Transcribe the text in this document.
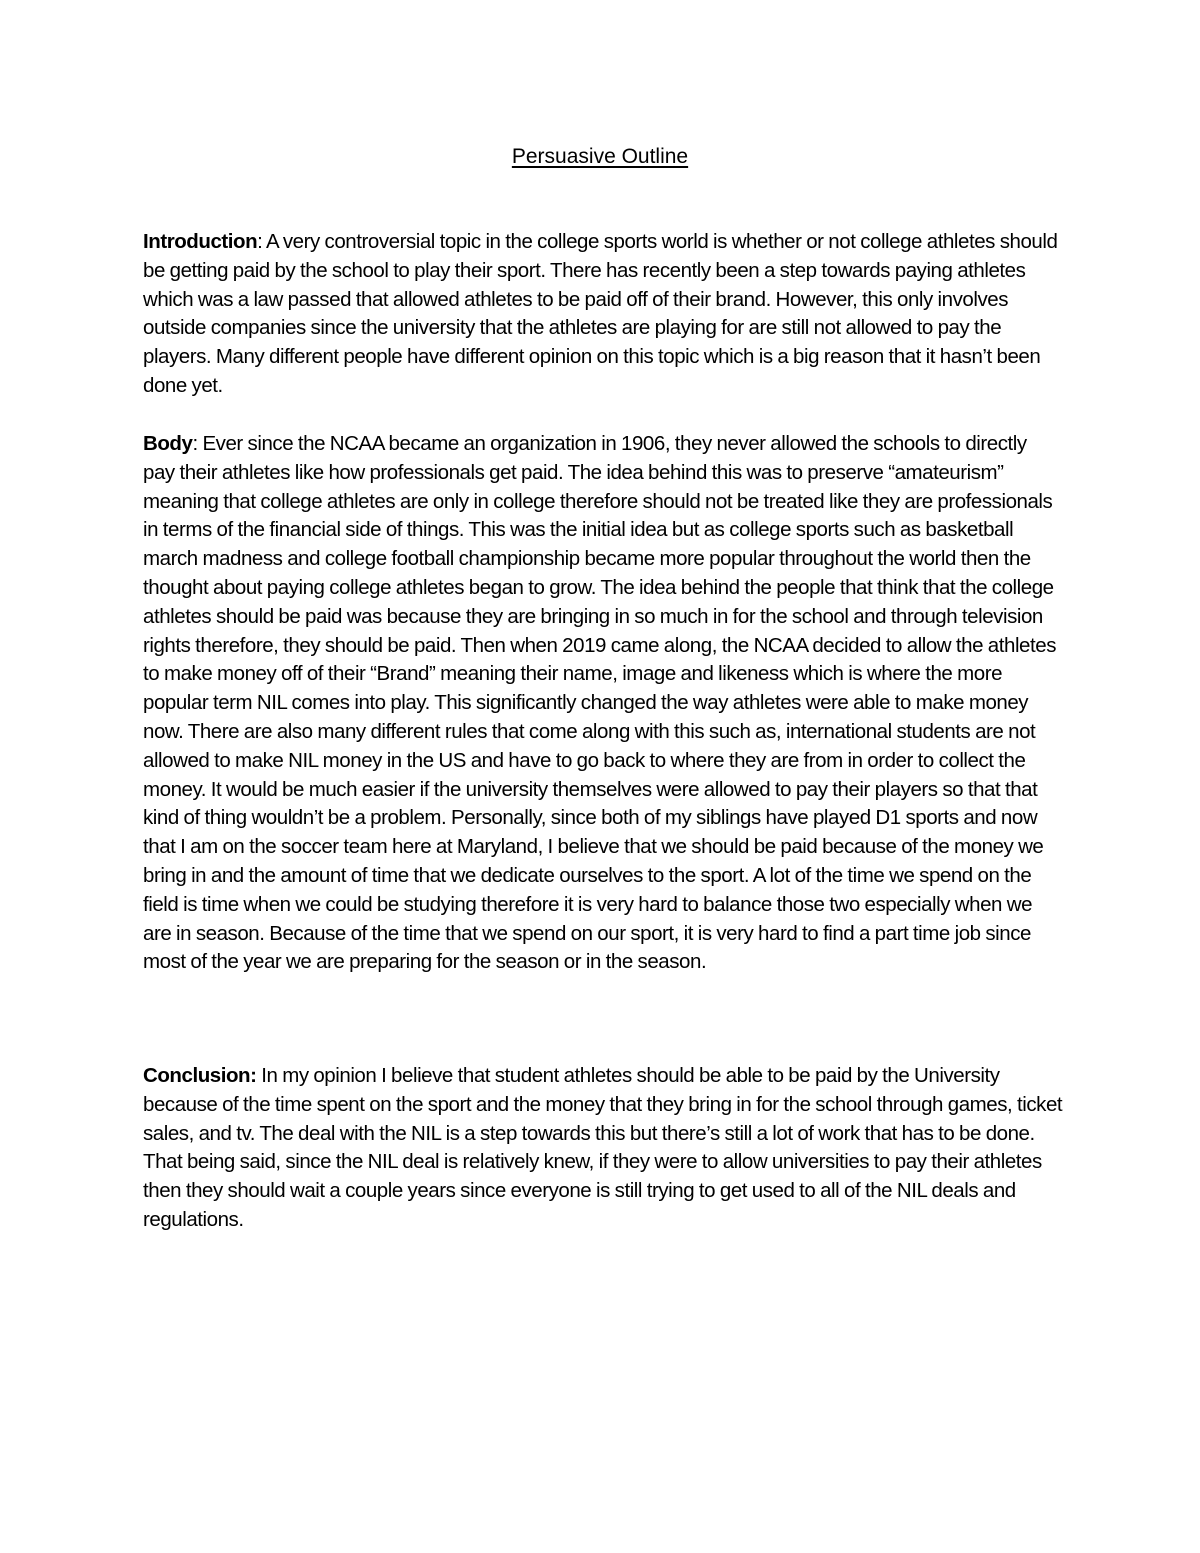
Persuasive Outline

Introduction: A very controversial topic in the college sports world is whether or not college athletes should be getting paid by the school to play their sport. There has recently been a step towards paying athletes which was a law passed that allowed athletes to be paid off of their brand. However, this only involves outside companies since the university that the athletes are playing for are still not allowed to pay the players. Many different people have different opinion on this topic which is a big reason that it hasn’t been done yet.

Body: Ever since the NCAA became an organization in 1906, they never allowed the schools to directly pay their athletes like how professionals get paid. The idea behind this was to preserve “amateurism” meaning that college athletes are only in college therefore should not be treated like they are professionals in terms of the financial side of things. This was the initial idea but as college sports such as basketball march madness and college football championship became more popular throughout the world then the thought about paying college athletes began to grow. The idea behind the people that think that the college athletes should be paid was because they are bringing in so much in for the school and through television rights therefore, they should be paid. Then when 2019 came along, the NCAA decided to allow the athletes to make money off of their “Brand” meaning their name, image and likeness which is where the more popular term NIL comes into play. This significantly changed the way athletes were able to make money now. There are also many different rules that come along with this such as, international students are not allowed to make NIL money in the US and have to go back to where they are from in order to collect the money. It would be much easier if the university themselves were allowed to pay their players so that that kind of thing wouldn’t be a problem. Personally, since both of my siblings have played D1 sports and now that I am on the soccer team here at Maryland, I believe that we should be paid because of the money we bring in and the amount of time that we dedicate ourselves to the sport. A lot of the time we spend on the field is time when we could be studying therefore it is very hard to balance those two especially when we are in season. Because of the time that we spend on our sport, it is very hard to find a part time job since most of the year we are preparing for the season or in the season.

Conclusion: In my opinion I believe that student athletes should be able to be paid by the University because of the time spent on the sport and the money that they bring in for the school through games, ticket sales, and tv. The deal with the NIL is a step towards this but there’s still a lot of work that has to be done. That being said, since the NIL deal is relatively knew, if they were to allow universities to pay their athletes then they should wait a couple years since everyone is still trying to get used to all of the NIL deals and regulations.
